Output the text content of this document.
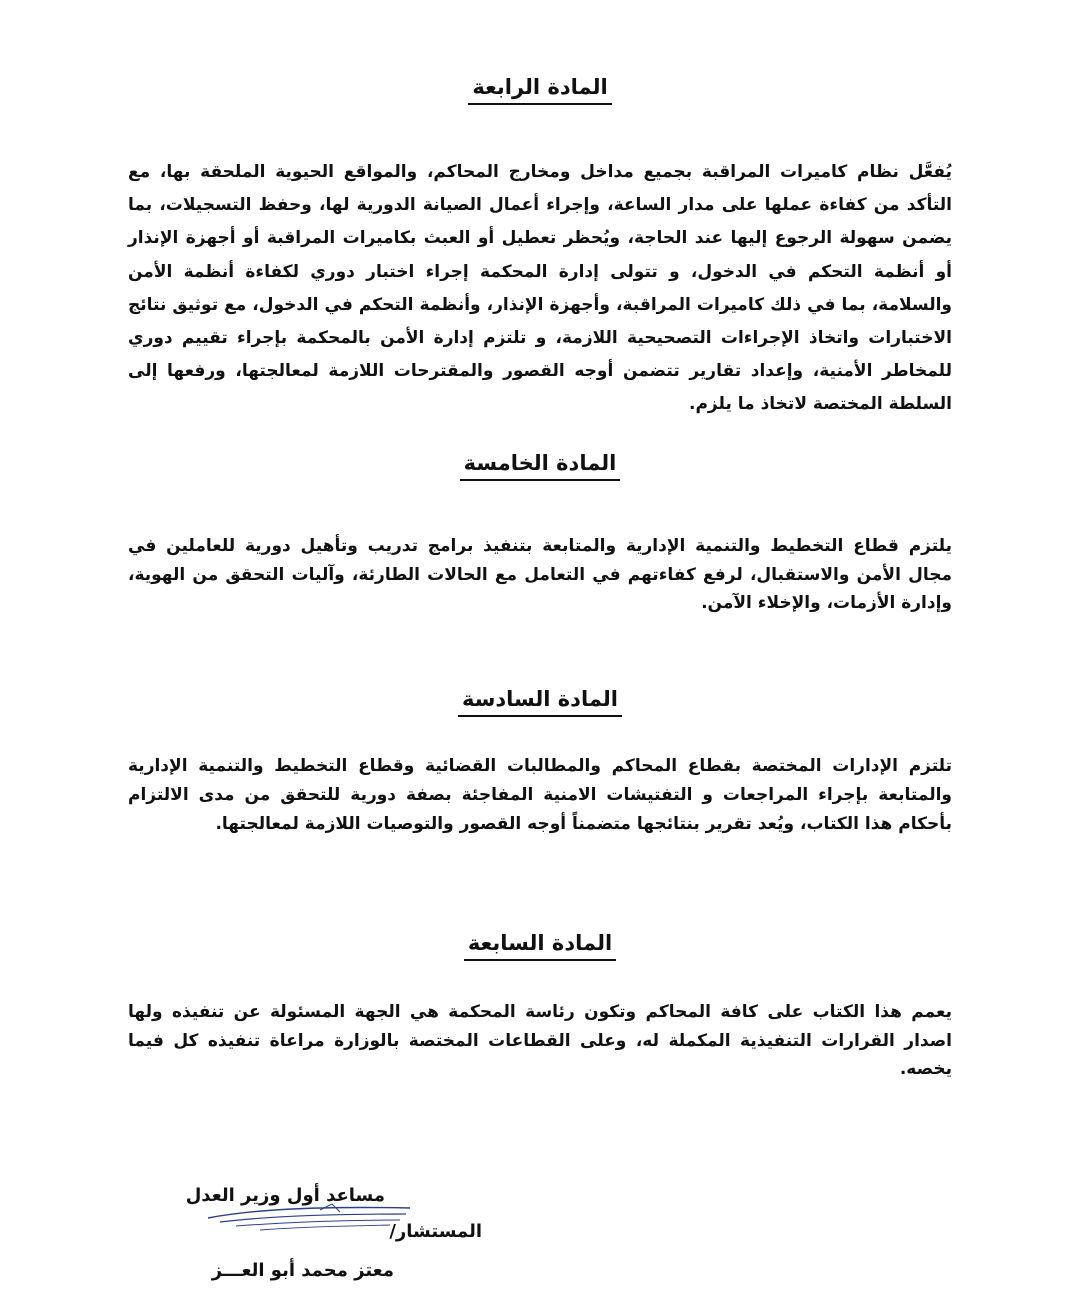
المادة الرابعة
يُفعَّل نظام كاميرات المراقبة بجميع مداخل ومخارج المحاكم، والمواقع الحيوية الملحقة بها، مع التأكد من كفاءة عملها على مدار الساعة، وإجراء أعمال الصيانة الدورية لها، وحفظ التسجيلات، بما يضمن سهولة الرجوع إليها عند الحاجة، ويُحظر تعطيل أو العبث بكاميرات المراقبة أو أجهزة الإنذار أو أنظمة التحكم في الدخول، و تتولى إدارة المحكمة إجراء اختبار دوري لكفاءة أنظمة الأمن والسلامة، بما في ذلك كاميرات المراقبة، وأجهزة الإنذار، وأنظمة التحكم في الدخول، مع توثيق نتائج الاختبارات واتخاذ الإجراءات التصحيحية اللازمة، و تلتزم إدارة الأمن بالمحكمة بإجراء تقييم دوري للمخاطر الأمنية، وإعداد تقارير تتضمن أوجه القصور والمقترحات اللازمة لمعالجتها، ورفعها إلى السلطة المختصة لاتخاذ ما يلزم.
المادة الخامسة
يلتزم قطاع التخطيط والتنمية الإدارية والمتابعة بتنفيذ برامج تدريب وتأهيل دورية للعاملين في مجال الأمن والاستقبال، لرفع كفاءتهم في التعامل مع الحالات الطارئة، وآليات التحقق من الهوية، وإدارة الأزمات، والإخلاء الآمن.
المادة السادسة
تلتزم الإدارات المختصة بقطاع المحاكم والمطالبات القضائية وقطاع التخطيط والتنمية الإدارية والمتابعة بإجراء المراجعات و التفتيشات الامنية المفاجئة بصفة دورية للتحقق من مدى الالتزام بأحكام هذا الكتاب، ويُعد تقرير بنتائجها متضمناً أوجه القصور والتوصيات اللازمة لمعالجتها.
المادة السابعة
يعمم هذا الكتاب على كافة المحاكم وتكون رئاسة المحكمة هي الجهة المسئولة عن تنفيذه ولها اصدار القرارات التنفيذية المكملة له، وعلى القطاعات المختصة بالوزارة مراعاة تنفيذه كل فيما يخصه.
مساعد أول وزير العدل
المستشار/
معتز محمد أبو العـــز
